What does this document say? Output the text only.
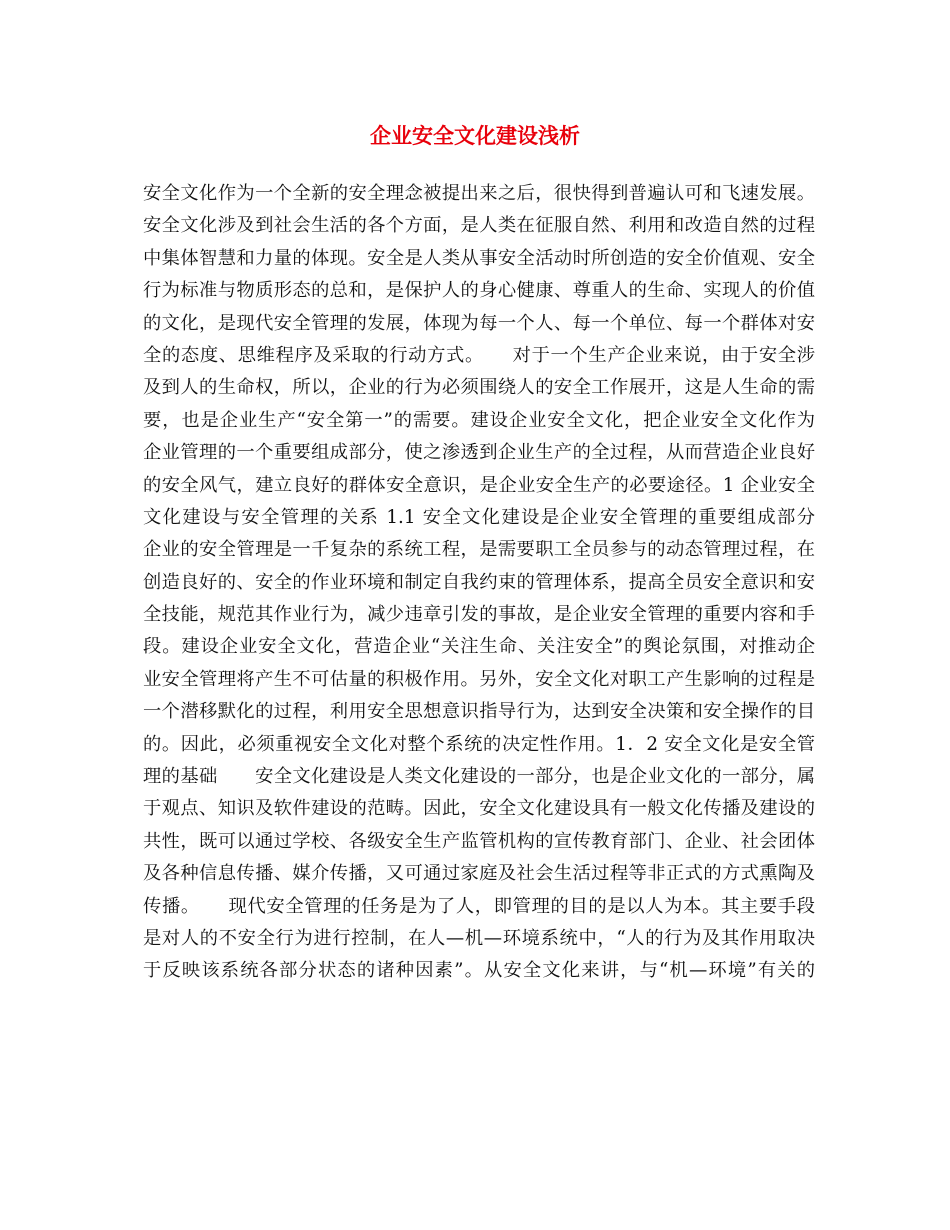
企业安全文化建设浅析
安全文化作为一个全新的安全理念被提出来之后，很快得到普遍认可和飞速发展。
安全文化涉及到社会生活的各个方面，是人类在征服自然、利用和改造自然的过程
中集体智慧和力量的体现。安全是人类从事安全活动时所创造的安全价值观、安全
行为标准与物质形态的总和，是保护人的身心健康、尊重人的生命、实现人的价值
的文化，是现代安全管理的发展，体现为每一个人、每一个单位、每一个群体对安
全的态度、思维程序及采取的行动方式。　　对于一个生产企业来说，由于安全涉
及到人的生命权，所以，企业的行为必须围绕人的安全工作展开，这是人生命的需
要，也是企业生产“安全第一”的需要。建设企业安全文化，把企业安全文化作为
企业管理的一个重要组成部分，使之渗透到企业生产的全过程，从而营造企业良好
的安全风气，建立良好的群体安全意识，是企业安全生产的必要途径。1 企业安全
文化建设与安全管理的关系 1.1 安全文化建设是企业安全管理的重要组成部分
企业的安全管理是一千复杂的系统工程，是需要职工全员参与的动态管理过程，在
创造良好的、安全的作业环境和制定自我约束的管理体系，提高全员安全意识和安
全技能，规范其作业行为，减少违章引发的事故，是企业安全管理的重要内容和手
段。建设企业安全文化，营造企业“关注生命、关注安全”的舆论氛围，对推动企
业安全管理将产生不可估量的积极作用。另外，安全文化对职工产生影响的过程是
一个潜移默化的过程，利用安全思想意识指导行为，达到安全决策和安全操作的目
的。因此，必须重视安全文化对整个系统的决定性作用。1．2 安全文化是安全管
理的基础　　安全文化建设是人类文化建设的一部分，也是企业文化的一部分，属
于观点、知识及软件建设的范畴。因此，安全文化建设具有一般文化传播及建设的
共性，既可以通过学校、各级安全生产监管机构的宣传教育部门、企业、社会团体
及各种信息传播、媒介传播，又可通过家庭及社会生活过程等非正式的方式熏陶及
传播。　　现代安全管理的任务是为了人，即管理的目的是以人为本。其主要手段
是对人的不安全行为进行控制，在人—机—环境系统中，“人的行为及其作用取决
于反映该系统各部分状态的诸种因素”。从安全文化来讲，与“机—环境”有关的
